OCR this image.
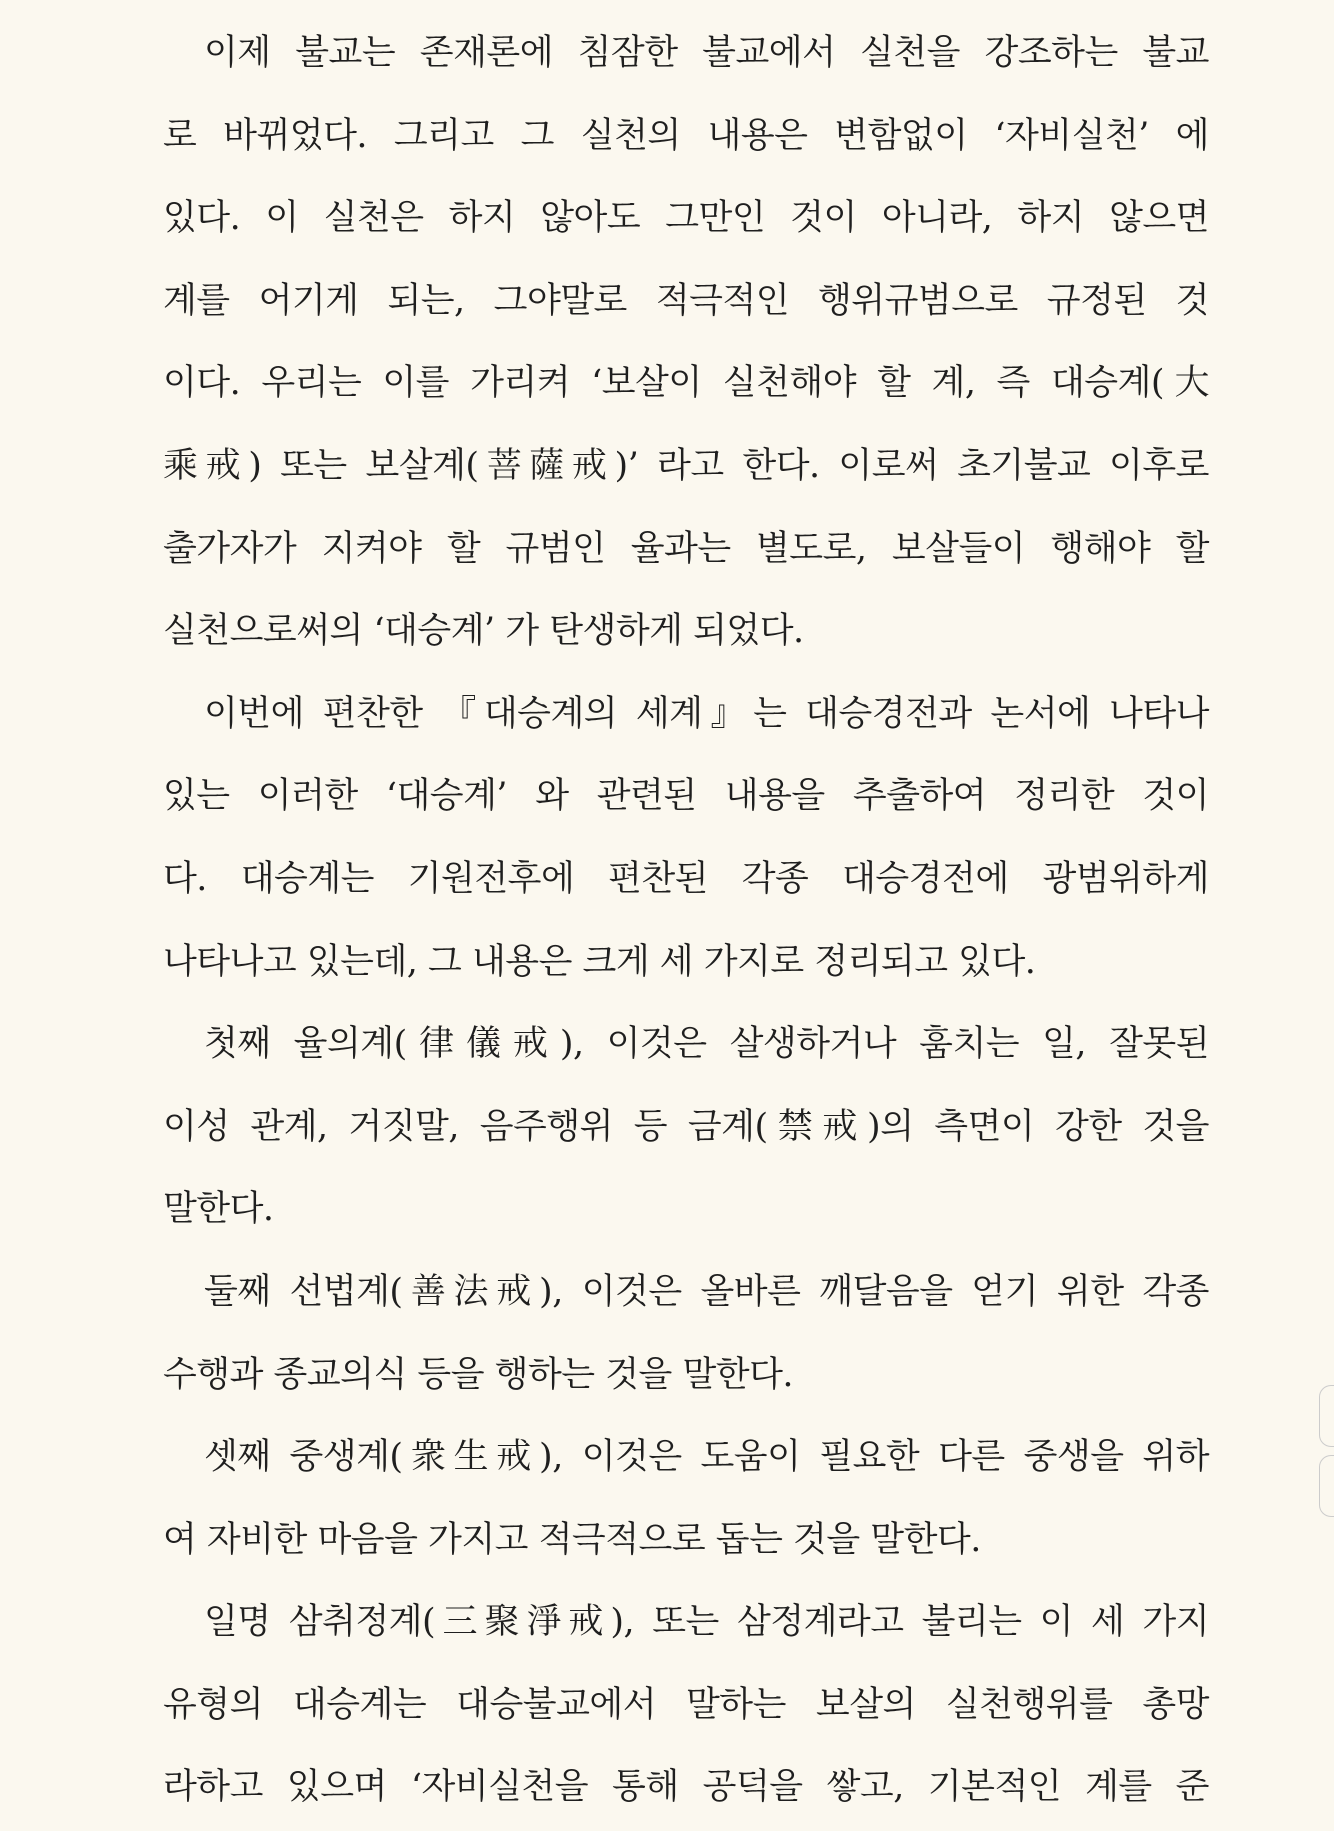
이제 불교는 존재론에 침잠한 불교에서 실천을 강조하는 불교
로 바뀌었다. 그리고 그 실천의 내용은 변함없이 ‘자비실천’ 에
있다. 이 실천은 하지 않아도 그만인 것이 아니라, 하지 않으면
계를 어기게 되는, 그야말로 적극적인 행위규범으로 규정된 것
이다. 우리는 이를 가리켜 ‘보살이 실천해야 할 계, 즉 대승계(大
乘戒) 또는 보살계(菩薩戒)’ 라고 한다. 이로써 초기불교 이후로
출가자가 지켜야 할 규범인 율과는 별도로, 보살들이 행해야 할
실천으로써의 ‘대승계’ 가 탄생하게 되었다.
이번에 편찬한 『대승계의 세계』는 대승경전과 논서에 나타나
있는 이러한 ‘대승계’ 와 관련된 내용을 추출하여 정리한 것이
다. 대승계는 기원전후에 편찬된 각종 대승경전에 광범위하게
나타나고 있는데, 그 내용은 크게 세 가지로 정리되고 있다.
첫째 율의계(律儀戒), 이것은 살생하거나 훔치는 일, 잘못된
이성 관계, 거짓말, 음주행위 등 금계(禁戒)의 측면이 강한 것을
말한다.
둘째 선법계(善法戒), 이것은 올바른 깨달음을 얻기 위한 각종
수행과 종교의식 등을 행하는 것을 말한다.
셋째 중생계(衆生戒), 이것은 도움이 필요한 다른 중생을 위하
여 자비한 마음을 가지고 적극적으로 돕는 것을 말한다.
일명 삼취정계(三聚淨戒), 또는 삼정계라고 불리는 이 세 가지
유형의 대승계는 대승불교에서 말하는 보살의 실천행위를 총망
라하고 있으며 ‘자비실천을 통해 공덕을 쌓고, 기본적인 계를 준
